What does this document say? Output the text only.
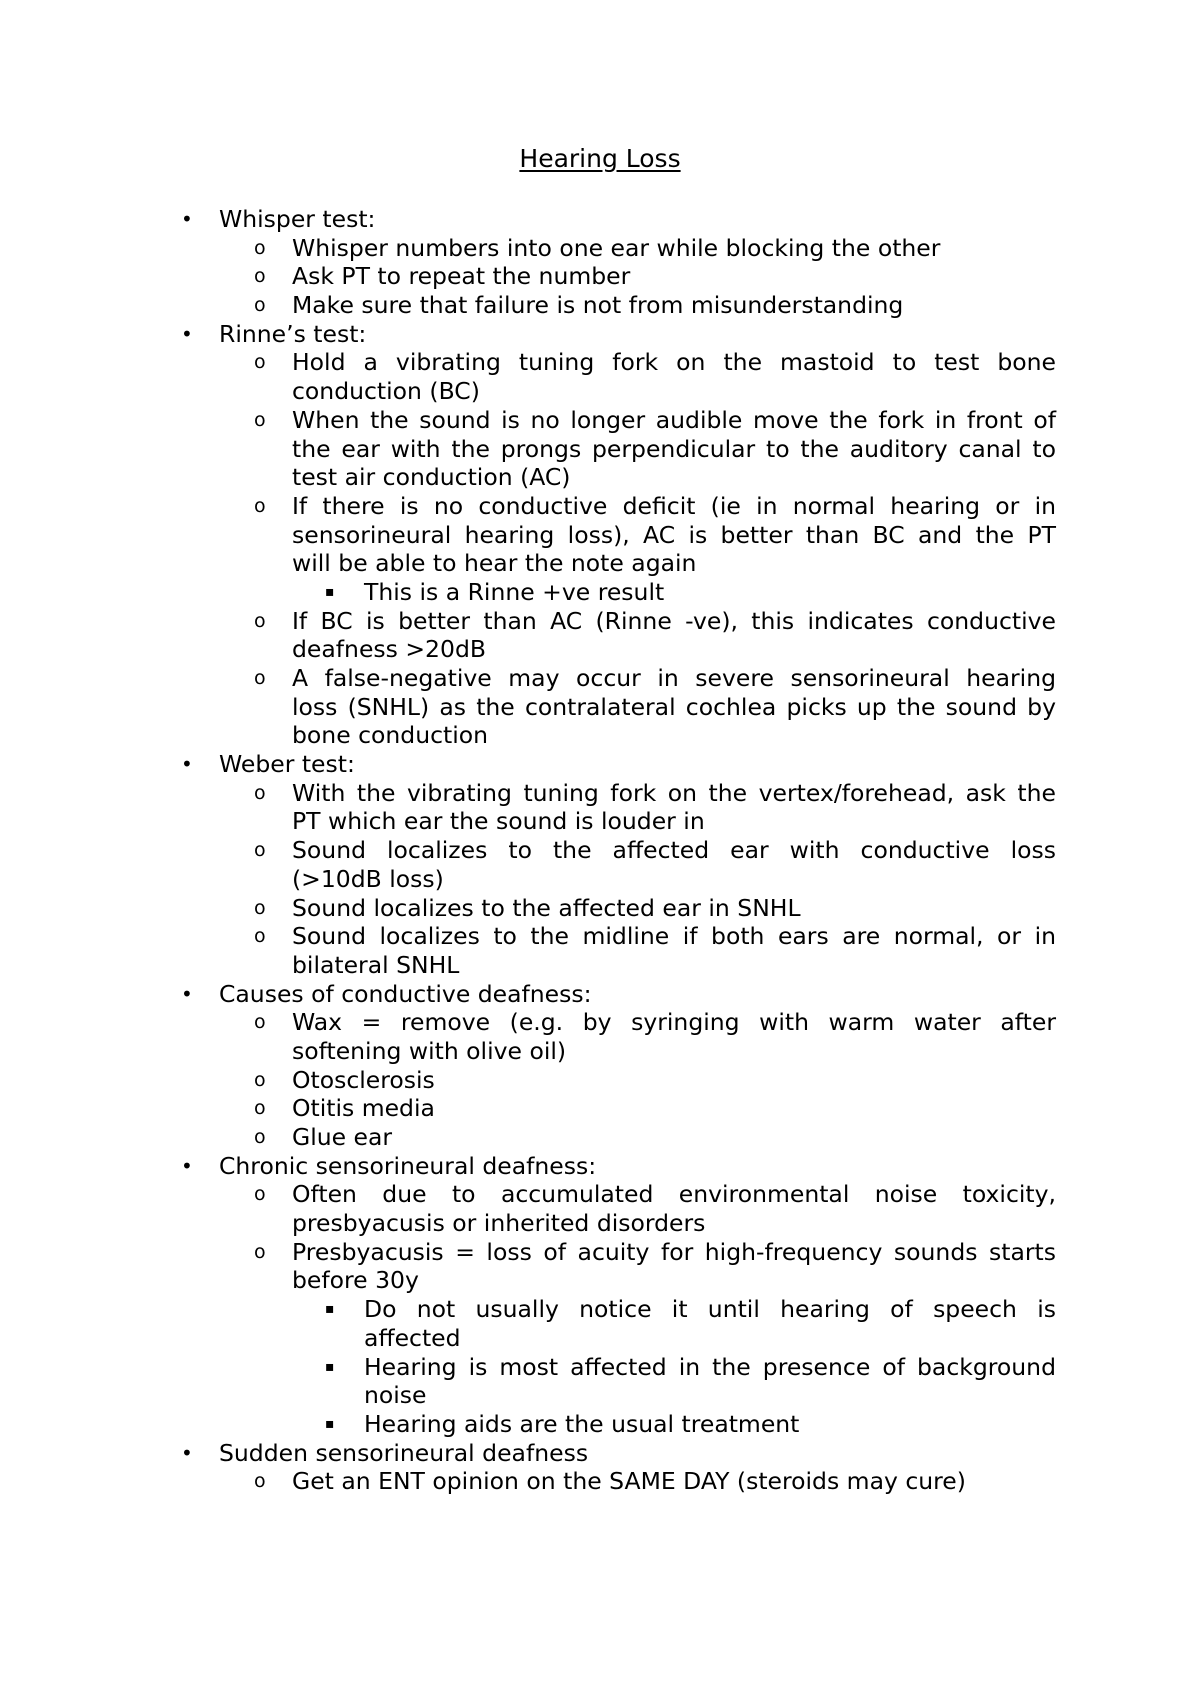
Hearing Loss
• Whisper test:
o Whisper numbers into one ear while blocking the other
o Ask PT to repeat the number
o Make sure that failure is not from misunderstanding
• Rinne’s test:
o Hold a vibrating tuning fork on the mastoid to test bone
conduction (BC)
o When the sound is no longer audible move the fork in front of
the ear with the prongs perpendicular to the auditory canal to
test air conduction (AC)
o If there is no conductive deficit (ie in normal hearing or in
sensorineural hearing loss), AC is better than BC and the PT
will be able to hear the note again
▪ This is a Rinne +ve result
o If BC is better than AC (Rinne -ve), this indicates conductive
deafness >20dB
o A false-negative may occur in severe sensorineural hearing
loss (SNHL) as the contralateral cochlea picks up the sound by
bone conduction
• Weber test:
o With the vibrating tuning fork on the vertex/forehead, ask the
PT which ear the sound is louder in
o Sound localizes to the affected ear with conductive loss
(>10dB loss)
o Sound localizes to the affected ear in SNHL
o Sound localizes to the midline if both ears are normal, or in
bilateral SNHL
• Causes of conductive deafness:
o Wax = remove (e.g. by syringing with warm water after
softening with olive oil)
o Otosclerosis
o Otitis media
o Glue ear
• Chronic sensorineural deafness:
o Often due to accumulated environmental noise toxicity,
presbyacusis or inherited disorders
o Presbyacusis = loss of acuity for high-frequency sounds starts
before 30y
▪ Do not usually notice it until hearing of speech is
affected
▪ Hearing is most affected in the presence of background
noise
▪ Hearing aids are the usual treatment
• Sudden sensorineural deafness
o Get an ENT opinion on the SAME DAY (steroids may cure)
